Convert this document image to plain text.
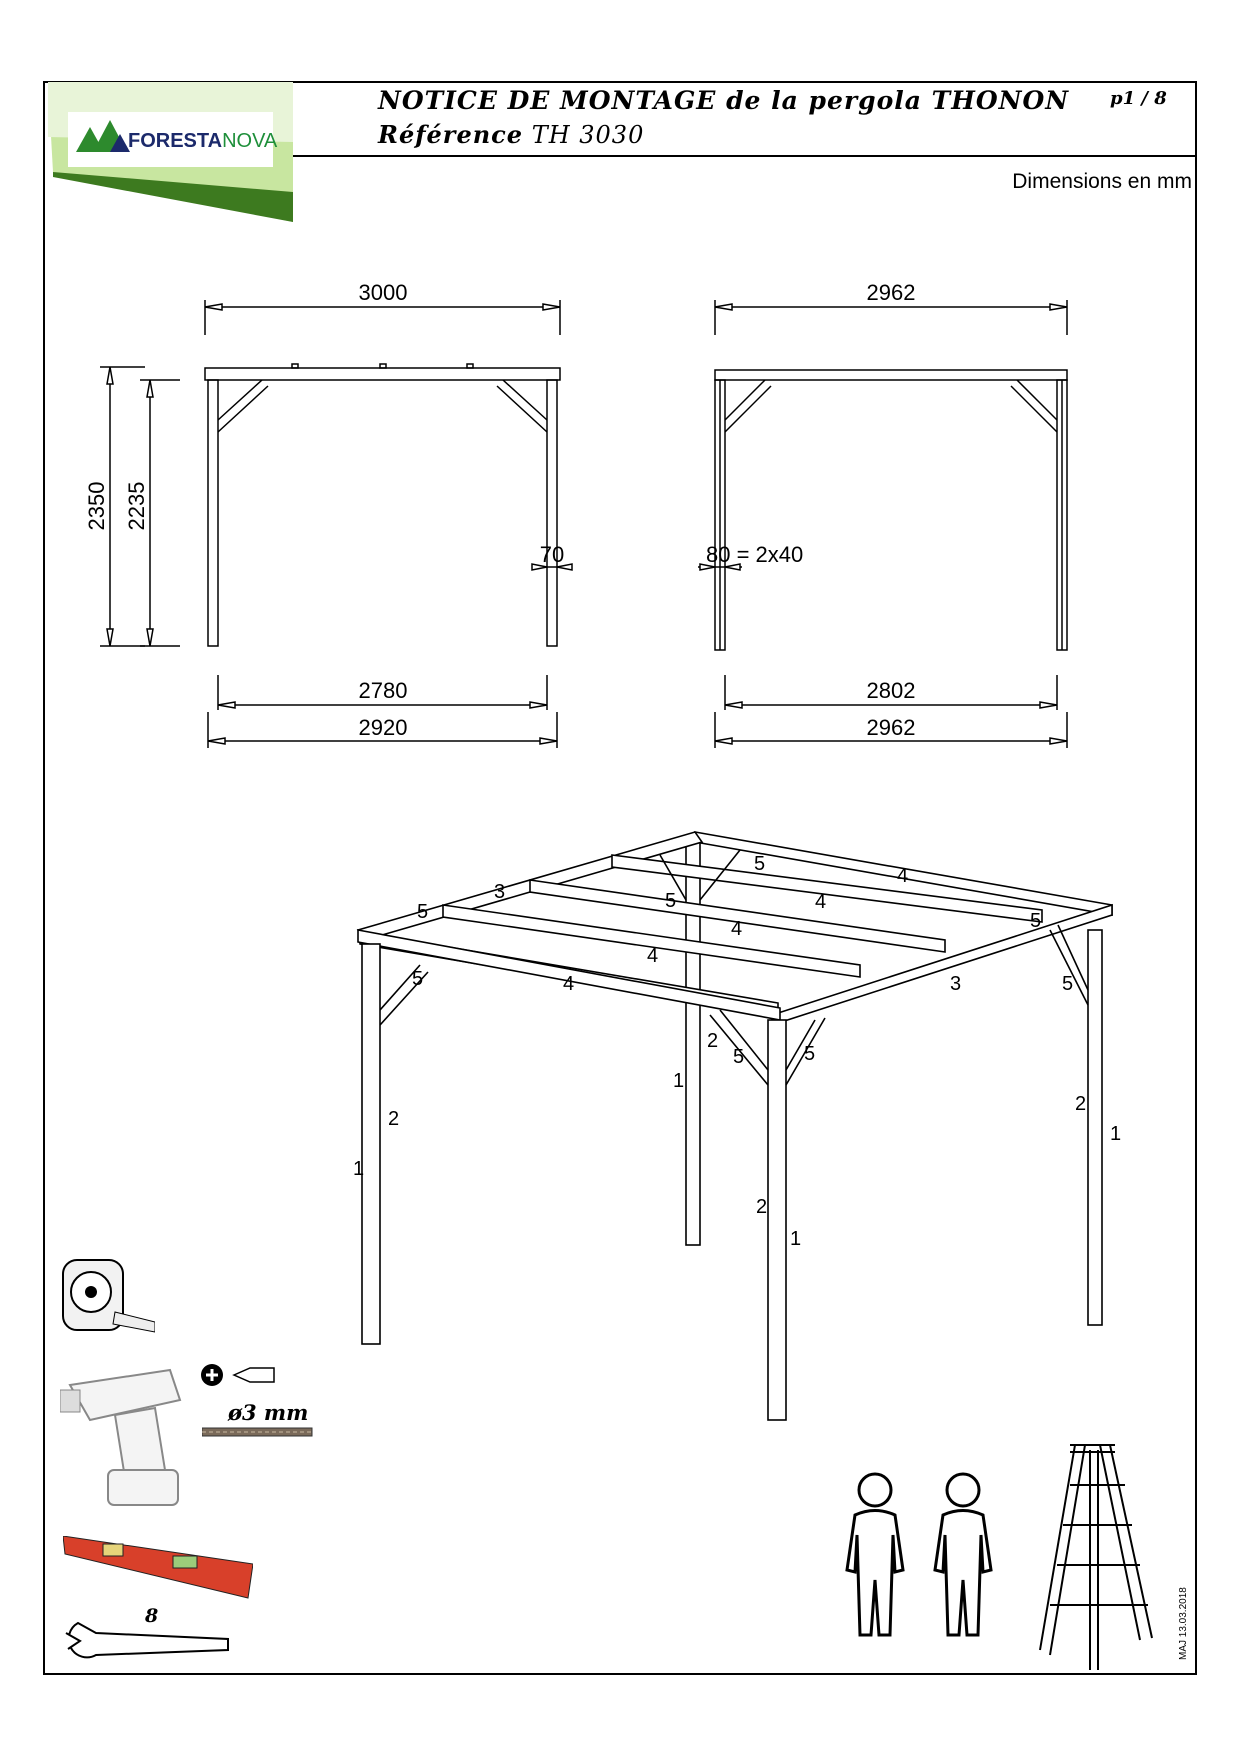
FORESTANOVA
NOTICE DE MONTAGE de la pergola THONON
Référence TH 3030
p1 / 8
Dimensions en mm
3000
2350 2235
70
2780
2920
2962
80 = 2x40
2802
2962
1
2
1
2
1
2
1
2
3
3
4
4
4
4
4
5
5
5
5
5
5
5	5
ø3 mm
8	MAJ 13.03.2018
